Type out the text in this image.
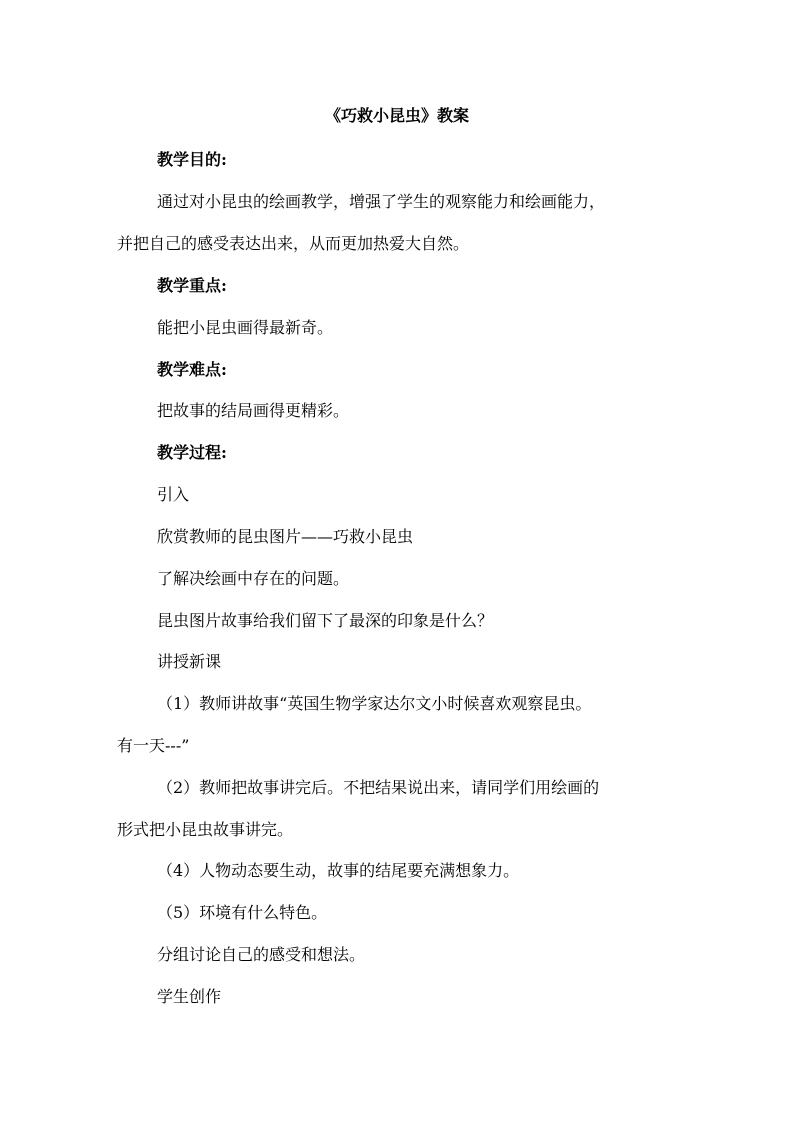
《巧救小昆虫》教案
教学目的:
通过对小昆虫的绘画教学，增强了学生的观察能力和绘画能力，
并把自己的感受表达出来，从而更加热爱大自然。
教学重点:
能把小昆虫画得最新奇。
教学难点:
把故事的结局画得更精彩。
教学过程:
引入
欣赏教师的昆虫图片——巧救小昆虫
了解决绘画中存在的问题。
昆虫图片故事给我们留下了最深的印象是什么？
讲授新课
（1）教师讲故事“英国生物学家达尔文小时候喜欢观察昆虫。
有一天---”
（2）教师把故事讲完后。不把结果说出来，请同学们用绘画的
形式把小昆虫故事讲完。
（4）人物动态要生动，故事的结尾要充满想象力。
（5）环境有什么特色。
分组讨论自己的感受和想法。
学生创作
